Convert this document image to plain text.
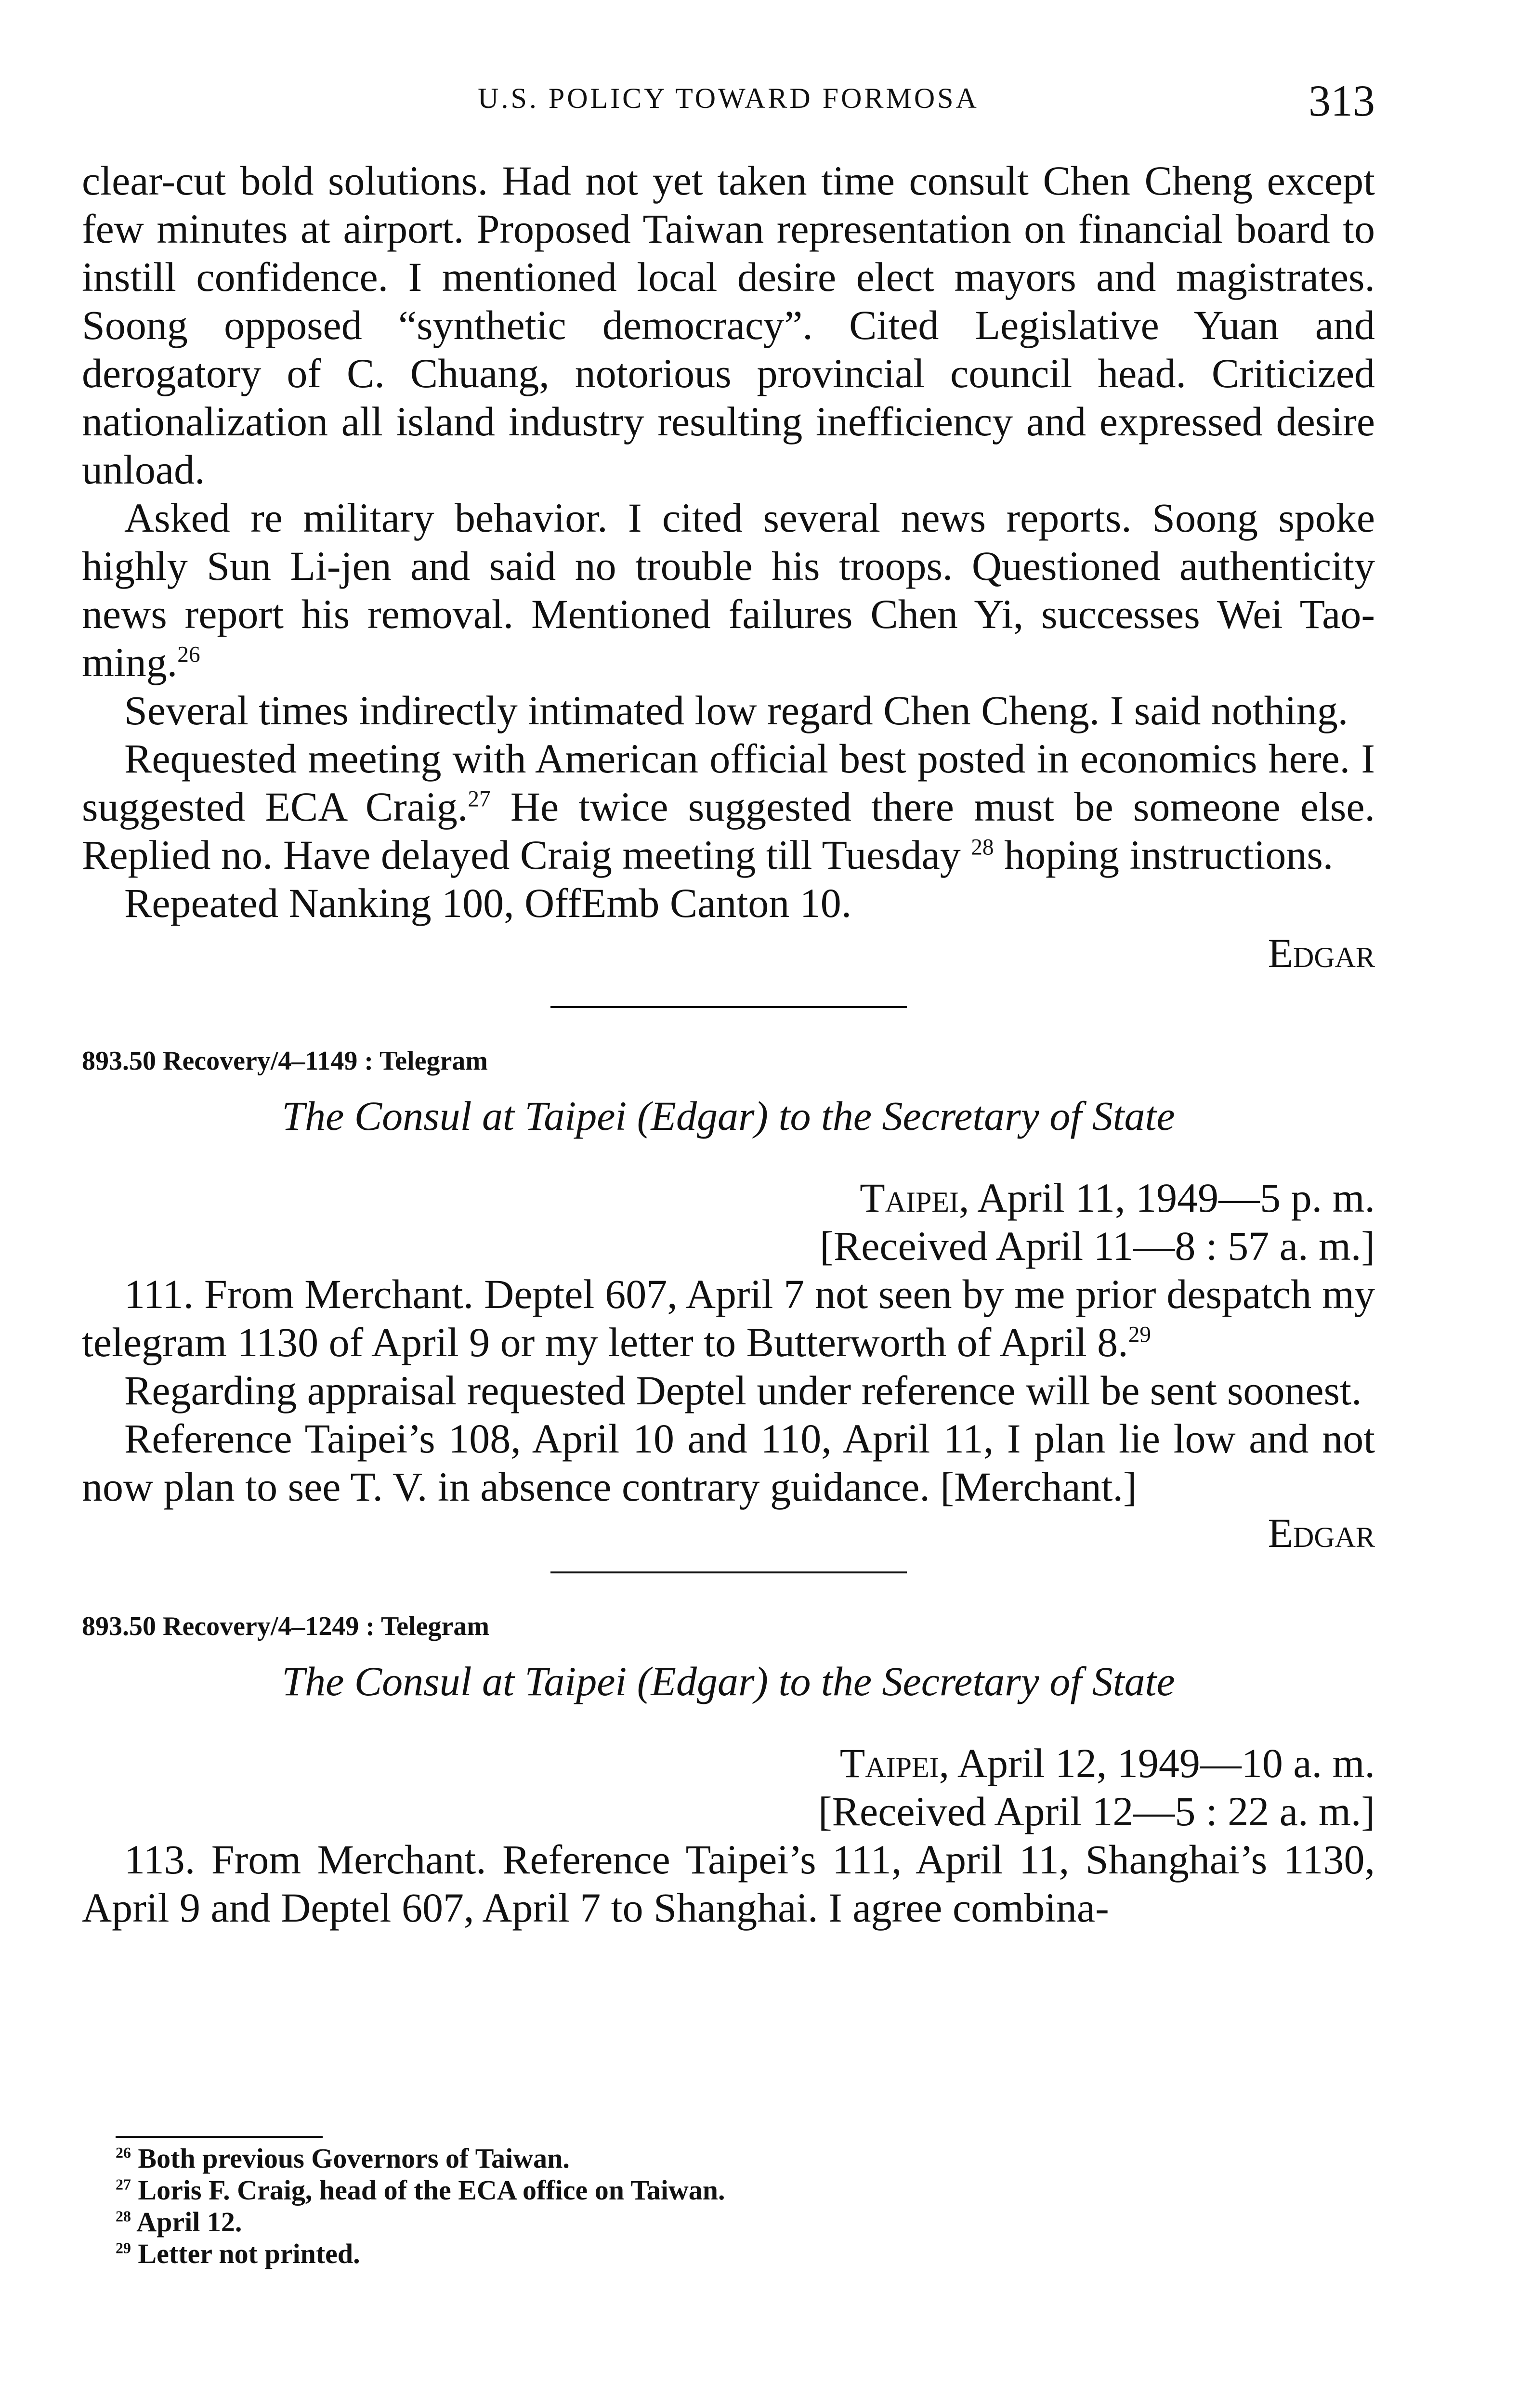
U.S. POLICY TOWARD FORMOSA	313

clear-cut bold solutions. Had not yet taken time consult Chen Cheng except few minutes at airport. Proposed Taiwan representation on financial board to instill confidence. I mentioned local desire elect mayors and magistrates. Soong opposed “synthetic democracy”. Cited Legislative Yuan and derogatory of C. Chuang, notorious provincial council head. Criticized nationalization all island industry resulting inefficiency and expressed desire unload.

Asked re military behavior. I cited several news reports. Soong spoke highly Sun Li-jen and said no trouble his troops. Questioned authenticity news report his removal. Mentioned failures Chen Yi, successes Wei Tao-ming.$^{26}$

Several times indirectly intimated low regard Chen Cheng. I said nothing.

Requested meeting with American official best posted in economics here. I suggested ECA Craig.$^{27}$ He twice suggested there must be someone else. Replied no. Have delayed Craig meeting till Tuesday $^{28}$ hoping instructions.

Repeated Nanking 100, OffEmb Canton 10.

Edgar

893.50 Recovery/4–1149 : Telegram

The Consul at Taipei (Edgar) to the Secretary of State

Taipei, April 11, 1949—5 p. m.

[Received April 11—8 : 57 a. m.]

111. From Merchant. Deptel 607, April 7 not seen by me prior despatch my telegram 1130 of April 9 or my letter to Butterworth of April 8.29

Regarding appraisal requested Deptel under reference will be sent soonest.

Reference Taipei’s 108, April 10 and 110, April 11, I plan lie low and not now plan to see T. V. in absence contrary guidance. [Merchant.]

Edgar

893.50 Recovery/4–1249 : Telegram

The Consul at Taipei (Edgar) to the Secretary of State

Taipei, April 12, 1949—10 a. m.

[Received April 12—5 : 22 a. m.]

113. From Merchant. Reference Taipei’s 111, April 11, Shanghai’s 1130, April 9 and Deptel 607, April 7 to Shanghai. I agree combina-

$^{26}$ Both previous Governors of Taiwan.

$^{27}$ Loris F. Craig, head of the ECA office on Taiwan.

$^{28}$ April 12.

$^{29}$ Letter not printed.
